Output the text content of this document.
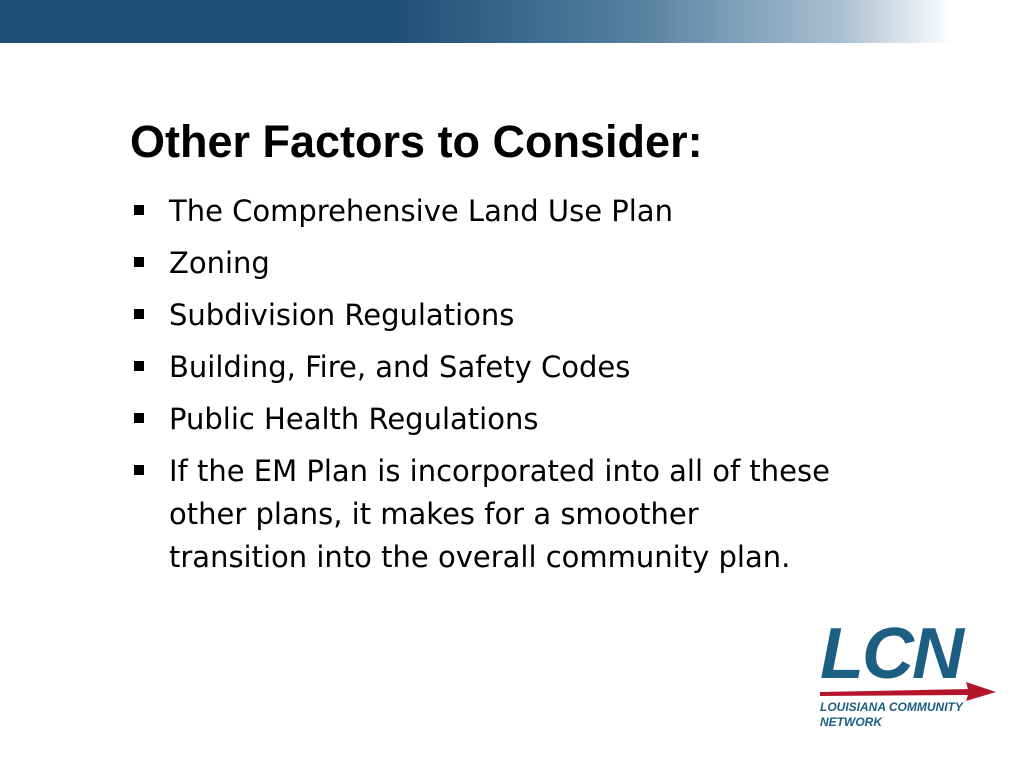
Other Factors to Consider:
The Comprehensive Land Use Plan
Zoning
Subdivision Regulations
Building, Fire, and Safety Codes
Public Health Regulations
If the EM Plan is incorporated into all of these other plans, it makes for a smoother transition into the overall community plan.
LCN
LOUISIANA COMMUNITY
NETWORK
